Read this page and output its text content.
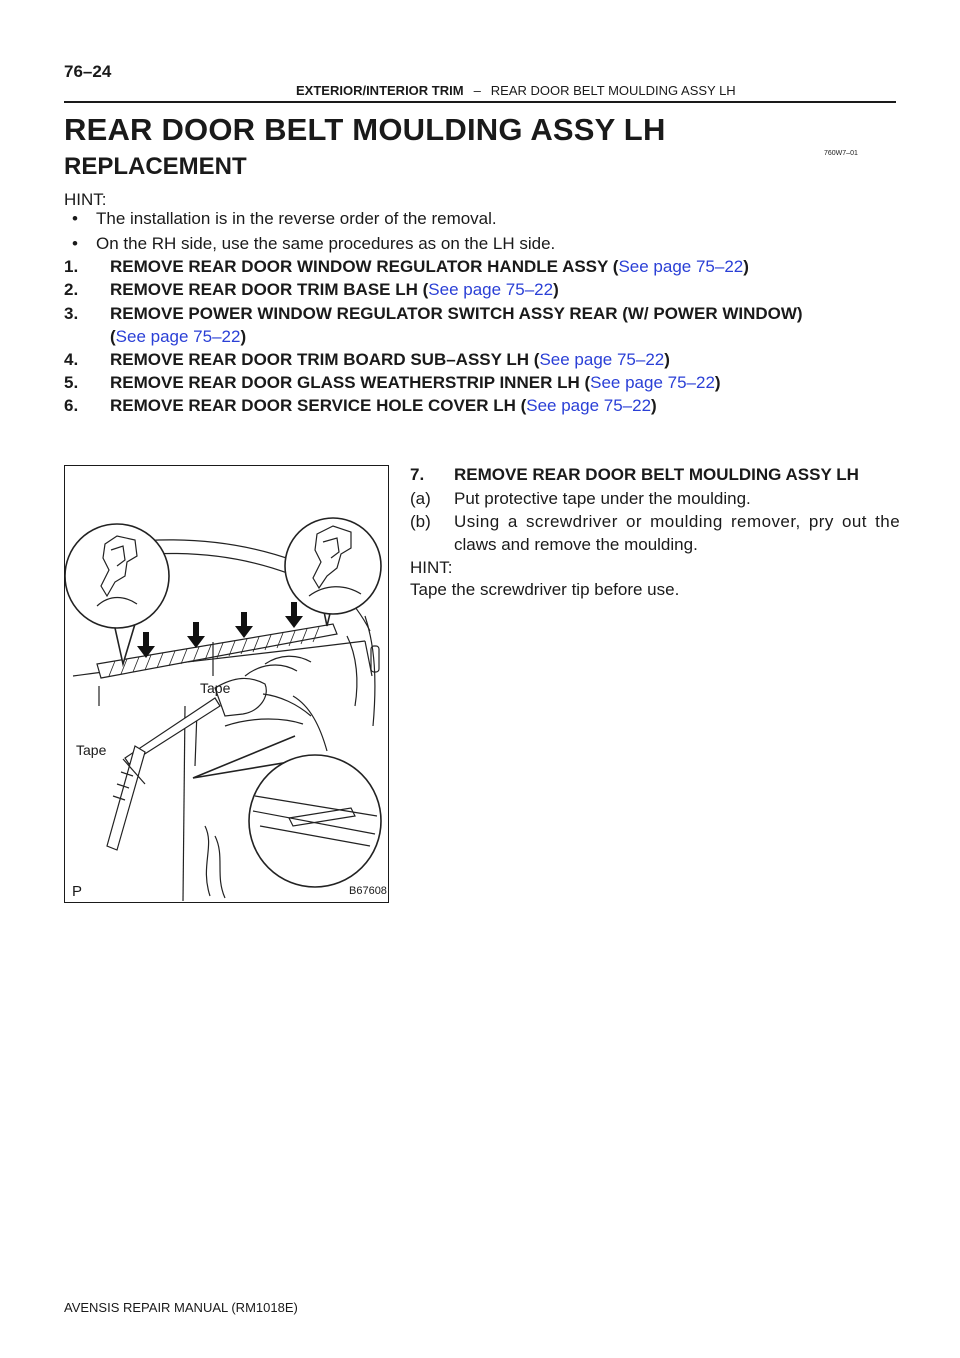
76–24
EXTERIOR/INTERIOR TRIM – REAR DOOR BELT MOULDING ASSY LH
REAR DOOR BELT MOULDING ASSY LH
760W7–01
REPLACEMENT
HINT:
• The installation is in the reverse order of the removal.
• On the RH side, use the same procedures as on the LH side.
1. REMOVE REAR DOOR WINDOW REGULATOR HANDLE ASSY (See page 75–22)
2. REMOVE REAR DOOR TRIM BASE LH (See page 75–22)
3. REMOVE POWER WINDOW REGULATOR SWITCH ASSY REAR (W/ POWER WINDOW)
(See page 75–22)
4. REMOVE REAR DOOR TRIM BOARD SUB–ASSY LH (See page 75–22)
5. REMOVE REAR DOOR GLASS WEATHERSTRIP INNER LH (See page 75–22)
6. REMOVE REAR DOOR SERVICE HOLE COVER LH (See page 75–22)
Tape
Tape
P	B67608
7. REMOVE REAR DOOR BELT MOULDING ASSY LH
(a) Put protective tape under the moulding.
(b) Using a screwdriver or moulding remover, pry out the
claws and remove the moulding.
HINT:
Tape the screwdriver tip before use.
AVENSIS REPAIR MANUAL (RM1018E)
